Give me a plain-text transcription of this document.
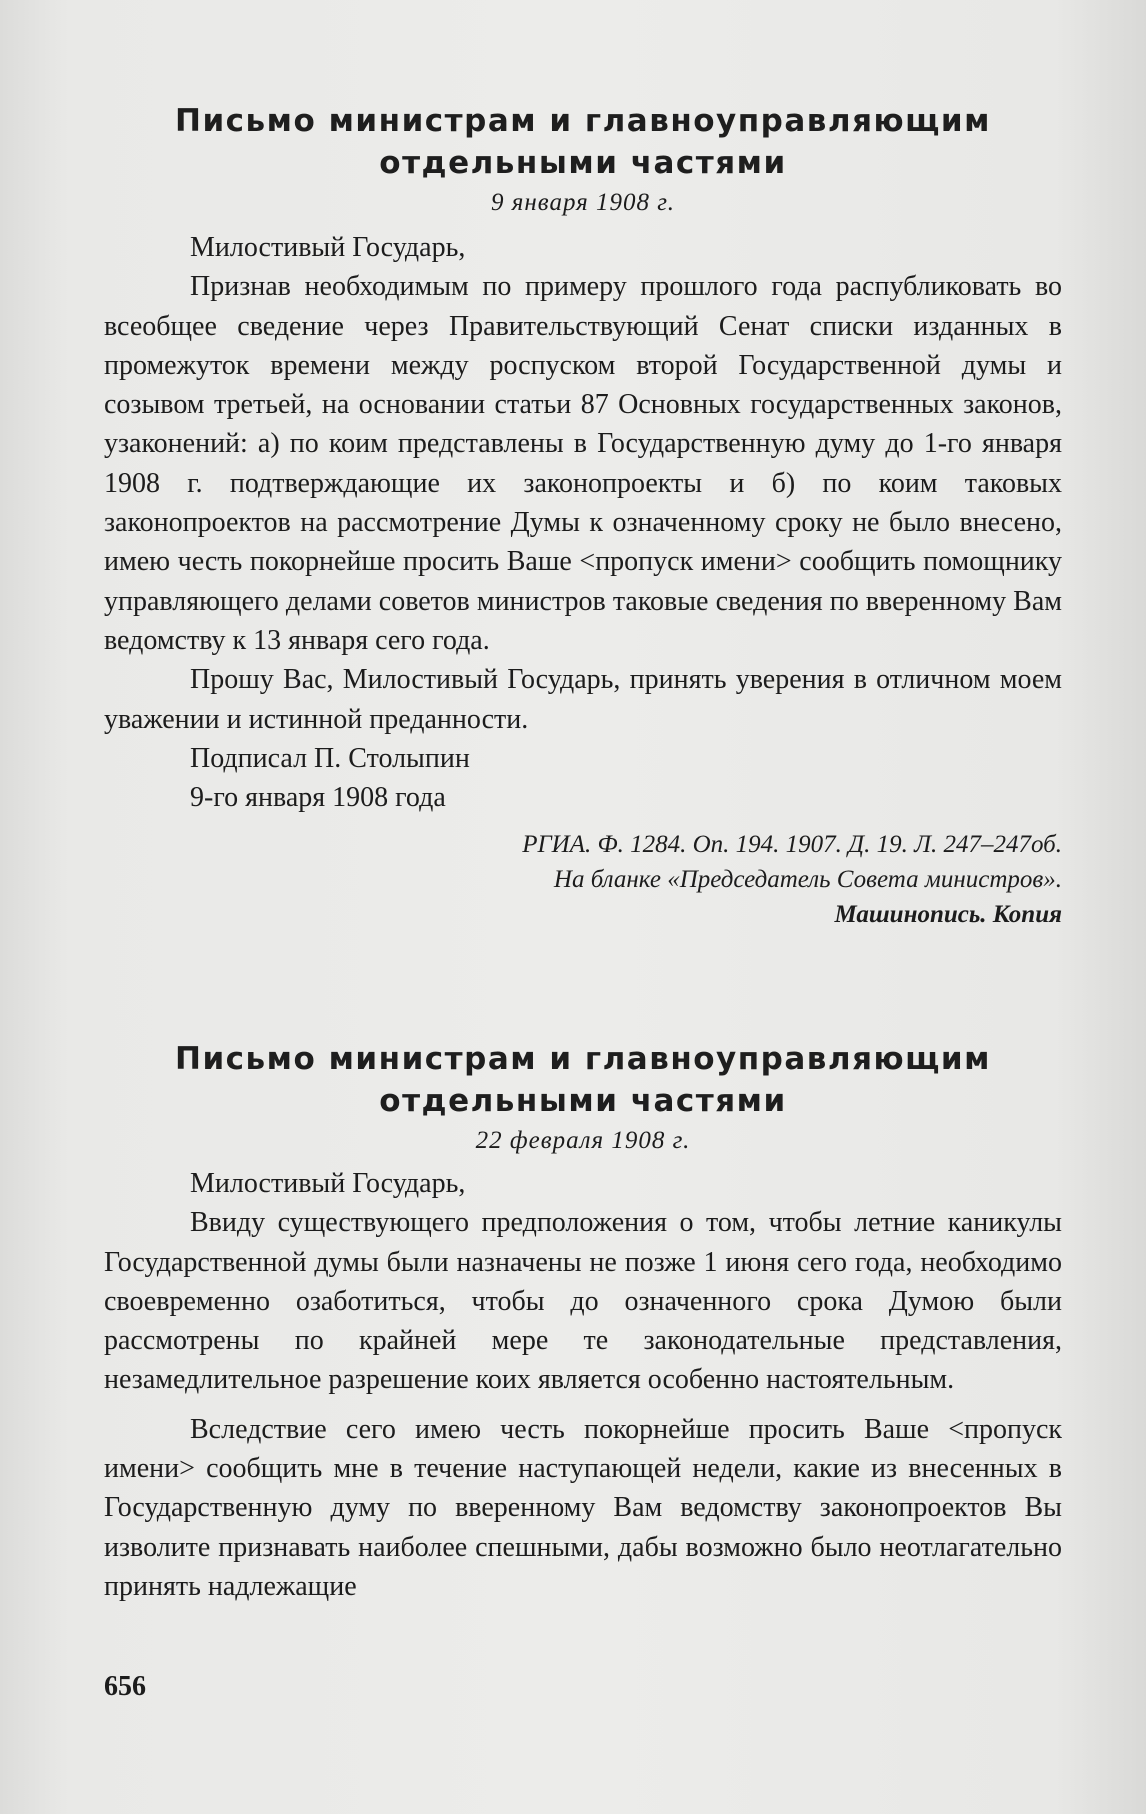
Письмо министрам и главноуправляющим
отдельными частями
9 января 1908 г.

Милостивый Государь,

Признав необходимым по примеру прошлого года распубликовать во всеобщее сведение через Правительствующий Сенат списки изданных в промежуток времени между роспуском второй Государственной думы и созывом третьей, на основании статьи 87 Основных государственных законов, узаконений: а) по коим представлены в Государственную думу до 1-го января 1908 г. подтверждающие их законопроекты и б) по коим таковых законопроектов на рассмотрение Думы к означенному сроку не было внесено, имею честь покорнейше просить Ваше <пропуск имени> сообщить помощнику управляющего делами советов министров таковые сведения по вверенному Вам ведомству к 13 января сего года.

Прошу Вас, Милостивый Государь, принять уверения в отличном моем уважении и истинной преданности.

Подписал П. Столыпин

9-го января 1908 года

РГИА. Ф. 1284. Оп. 194. 1907. Д. 19. Л. 247–247об.
На бланке «Председатель Совета министров».
Машинопись. Копия
Письмо министрам и главноуправляющим
отдельными частями
22 февраля 1908 г.

Милостивый Государь,

Ввиду существующего предположения о том, чтобы летние каникулы Государственной думы были назначены не позже 1 июня сего года, необходимо своевременно озаботиться, чтобы до означенного срока Думою были рассмотрены по крайней мере те законодательные представления, незамедлительное разрешение коих является особенно настоятельным.

Вследствие сего имею честь покорнейше просить Ваше <пропуск имени> сообщить мне в течение наступающей недели, какие из внесенных в Государственную думу по вверенному Вам ведомству законопроектов Вы изволите признавать наиболее спешными, дабы возможно было неотлагательно принять надлежащие

656
